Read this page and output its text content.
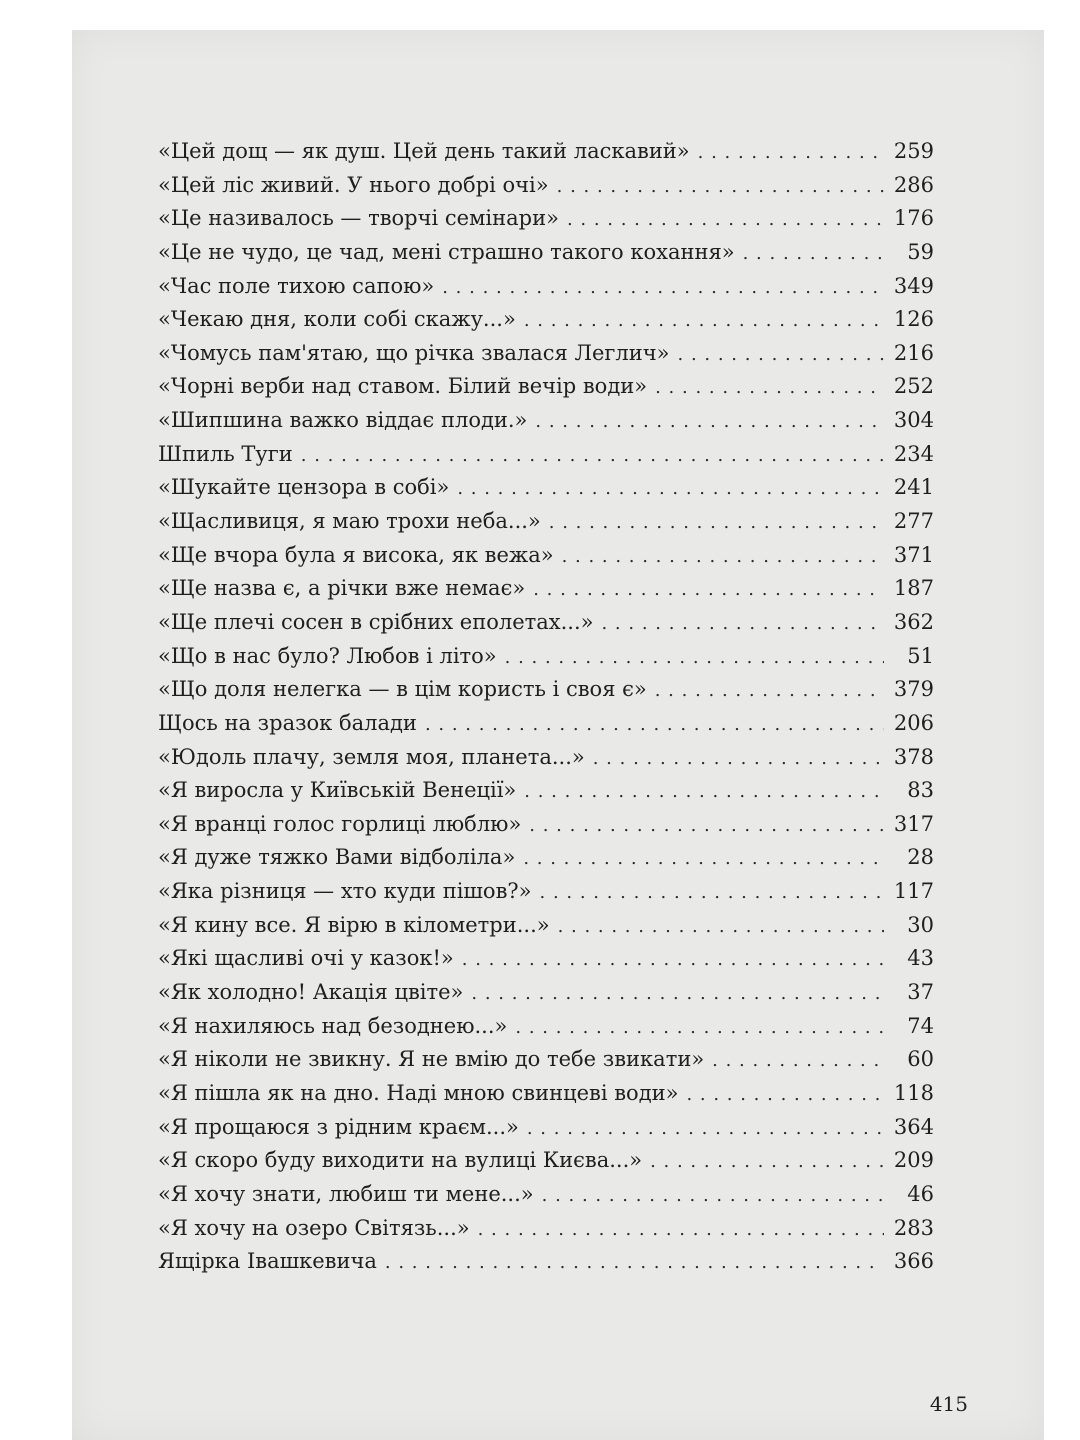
«Цей дощ — як душ. Цей день такий ласкавий» . . .	259
«Цей ліс живий. У нього добрі очі» . . .	286
«Це називалось — творчі семінари» . . .	176
«Це не чудо, це чад, мені страшно такого кохання» . . .	59
«Час поле тихою сапою» . . .	349
«Чекаю дня, коли собі скажу...» . . .	126
«Чомусь пам'ятаю, що річка звалася Леглич» . . .	216
«Чорні верби над ставом. Білий вечір води» . . .	252
«Шипшина важко віддає плоди.» . . .	304
Шпиль Туги . . .	234
«Шукайте цензора в собі» . . .	241
«Щасливиця, я маю трохи неба...» . . .	277
«Ще вчора була я висока, як вежа» . . .	371
«Ще назва є, а річки вже немає» . . .	187
«Ще плечі сосен в срібних еполетах...» . . .	362
«Що в нас було? Любов і літо» . . .	51
«Що доля нелегка — в цім користь і своя є» . . .	379
Щось на зразок балади . . .	206
«Юдоль плачу, земля моя, планета...» . . .	378
«Я виросла у Київській Венеції» . . .	83
«Я вранці голос горлиці люблю» . . .	317
«Я дуже тяжко Вами відболіла» . . .	28
«Яка різниця — хто куди пішов?» . . .	117
«Я кину все. Я вірю в кілометри...» . . .	30
«Які щасливі очі у казок!» . . .	43
«Як холодно! Акація цвіте» . . .	37
«Я нахиляюсь над безоднею...» . . .	74
«Я ніколи не звикну. Я не вмію до тебе звикати» . . .	60
«Я пішла як на дно. Наді мною свинцеві води» . . .	118
«Я прощаюся з рідним краєм...» . . .	364
«Я скоро буду виходити на вулиці Києва...» . . .	209
«Я хочу знати, любиш ти мене...» . . .	46
«Я хочу на озеро Світязь...» . . .	283
Ящірка Івашкевича . . .	366
415
